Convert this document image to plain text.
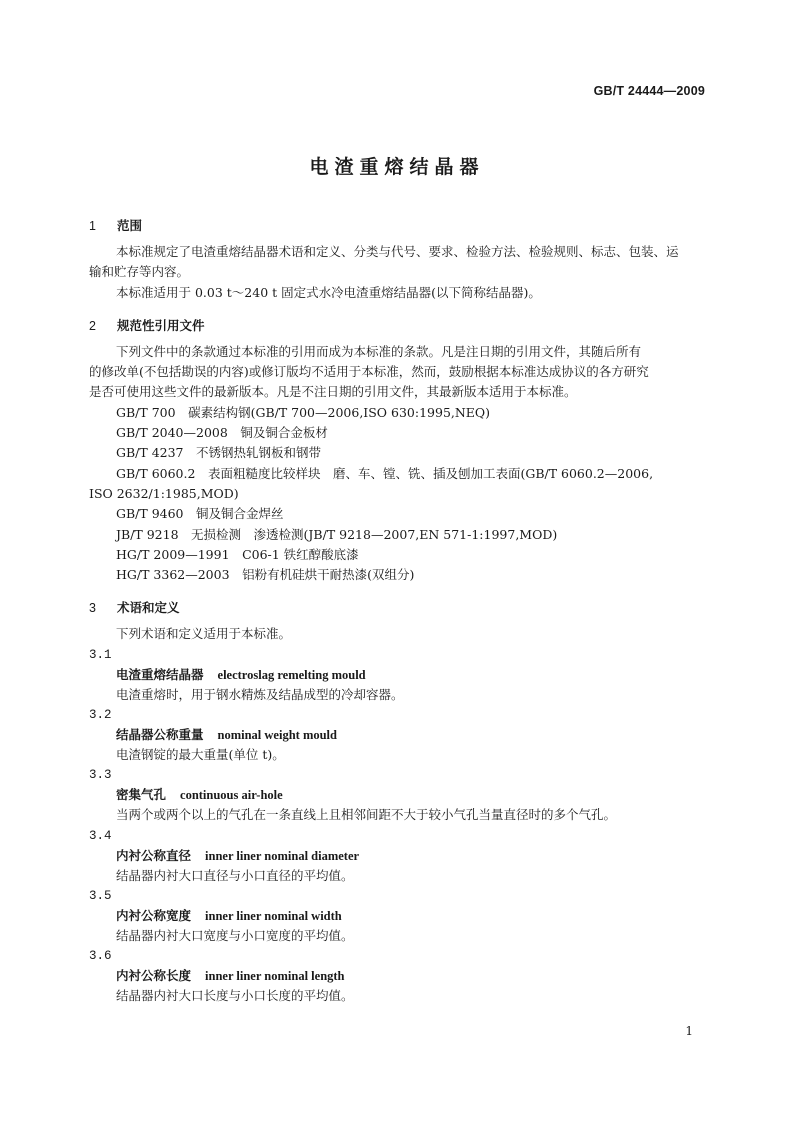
GB/T 24444—2009
电渣重熔结晶器
1 范围

本标准规定了电渣重熔结晶器术语和定义、分类与代号、要求、检验方法、检验规则、标志、包装、运

输和贮存等内容。

本标准适用于 0.03 t～240 t 固定式水冷电渣重熔结晶器(以下简称结晶器)。

2 规范性引用文件

下列文件中的条款通过本标准的引用而成为本标准的条款。凡是注日期的引用文件，其随后所有

的修改单(不包括勘误的内容)或修订版均不适用于本标准，然而，鼓励根据本标准达成协议的各方研究

是否可使用这些文件的最新版本。凡是不注日期的引用文件，其最新版本适用于本标准。

GB/T 700　 碳素结构钢(GB/T 700—2006,ISO 630:1995,NEQ)

GB/T 2040—2008　 铜及铜合金板材

GB/T 4237　 不锈钢热轧钢板和钢带

GB/T 6060.2　 表面粗糙度比较样块　磨、车、镗、铣、插及刨加工表面(GB/T 6060.2—2006,

ISO 2632/1:1985,MOD)

GB/T 9460　 铜及铜合金焊丝

JB/T 9218　 无损检测　渗透检测(JB/T 9218—2007,EN 571-1:1997,MOD)

HG/T 2009—1991　 C06-1 铁红醇酸底漆

HG/T 3362—2003　 铝粉有机硅烘干耐热漆(双组分)

3 术语和定义

下列术语和定义适用于本标准。

3.1
电渣重熔结晶器 electroslag remelting mould
电渣重熔时，用于钢水精炼及结晶成型的冷却容器。
3.2
结晶器公称重量 nominal weight mould
电渣钢锭的最大重量(单位 t)。
3.3
密集气孔 continuous air-hole
当两个或两个以上的气孔在一条直线上且相邻间距不大于较小气孔当量直径时的多个气孔。
3.4
内衬公称直径 inner liner nominal diameter
结晶器内衬大口直径与小口直径的平均值。
3.5
内衬公称宽度 inner liner nominal width
结晶器内衬大口宽度与小口宽度的平均值。
3.6
内衬公称长度 inner liner nominal length
结晶器内衬大口长度与小口长度的平均值。
1
